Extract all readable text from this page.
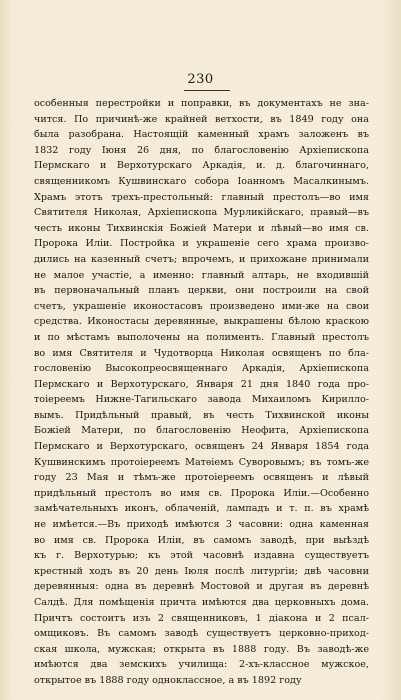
230
особенныя перестройки и поправки, въ документахъ не зна-
чится. По причинѣ-же крайней ветхости, въ 1849 году она
была разобрана. Настоящій каменный храмъ заложенъ въ
1832 году Іюня 26 дня, по благословенію Архіепископа
Пермскаго и Верхотурскаго Аркадія, и. д. благочиннаго,
священникомъ Кушвинскаго собора Іоанномъ Масалкинымъ.
Храмъ этотъ трехъ-престольный: главный престолъ—во имя
Святителя Николая, Архіепископа Мурликійскаго, правый—въ
честь иконы Тихвинскія Божіей Матери и лѣвый—во имя св.
Пророка Иліи. Постройка и украшеніе сего храма произво-
дились на казенный счетъ; впрочемъ, и прихожане принимали
не малое участіе, а именно: главный алтарь, не входившій
въ первоначальный планъ церкви, они построили на свой
счетъ, украшеніе иконостасовъ произведено ими-же на свои
средства. Иконостасы деревянные, выкрашены бѣлою краскою
и по мѣстамъ выполочены на полименть. Главный престолъ
во имя Святителя и Чудотворца Николая освященъ по бла-
гословенію Высокопреосвященнаго Аркадія, Архіепископа
Пермскаго и Верхотурскаго, Января 21 дня 1840 года про-
тоіереемъ Нижне-Тагильскаго завода Михаиломъ Кирилло-
вымъ. Придѣльный правый, въ честь Тихвинской иконы
Божіей Матери, по благословенію Неофита, Архіепископа
Пермскаго и Верхотурскаго, освященъ 24 Января 1854 года
Кушвинскимъ протоіереемъ Матѳіемъ Суворовымъ; въ томъ-же
году 23 Мая и тѣмъ-же протоіереемъ освященъ и лѣвый
придѣльный престолъ во имя св. Пророка Иліи.—Особенно
замѣчательныхъ иконъ, облаченій, лампадъ и т. п. въ храмѣ
не имѣется.—Въ приходѣ имѣются 3 часовни: одна каменная
во имя св. Пророка Иліи, въ самомъ заводѣ, при выѣздѣ
къ г. Верхотурью; къ этой часовнѣ издавна существуетъ
крестный ходъ въ 20 день Іюля послѣ литургіи; двѣ часовни
деревянныя: одна въ деревнѣ Мостовой и другая въ деревнѣ
Салдѣ. Для помѣщенія причта имѣются два церковныхъ дома.
Причтъ состоитъ изъ 2 священниковъ, 1 діакона и 2 псал-
омщиковъ. Въ самомъ заводѣ существуетъ церковно-приход-
ская школа, мужская; открыта въ 1888 году. Въ заводѣ-же
имѣются два земскихъ училища: 2-хъ-классное мужское,
открытое въ 1888 году одноклассное, а въ 1892 году
